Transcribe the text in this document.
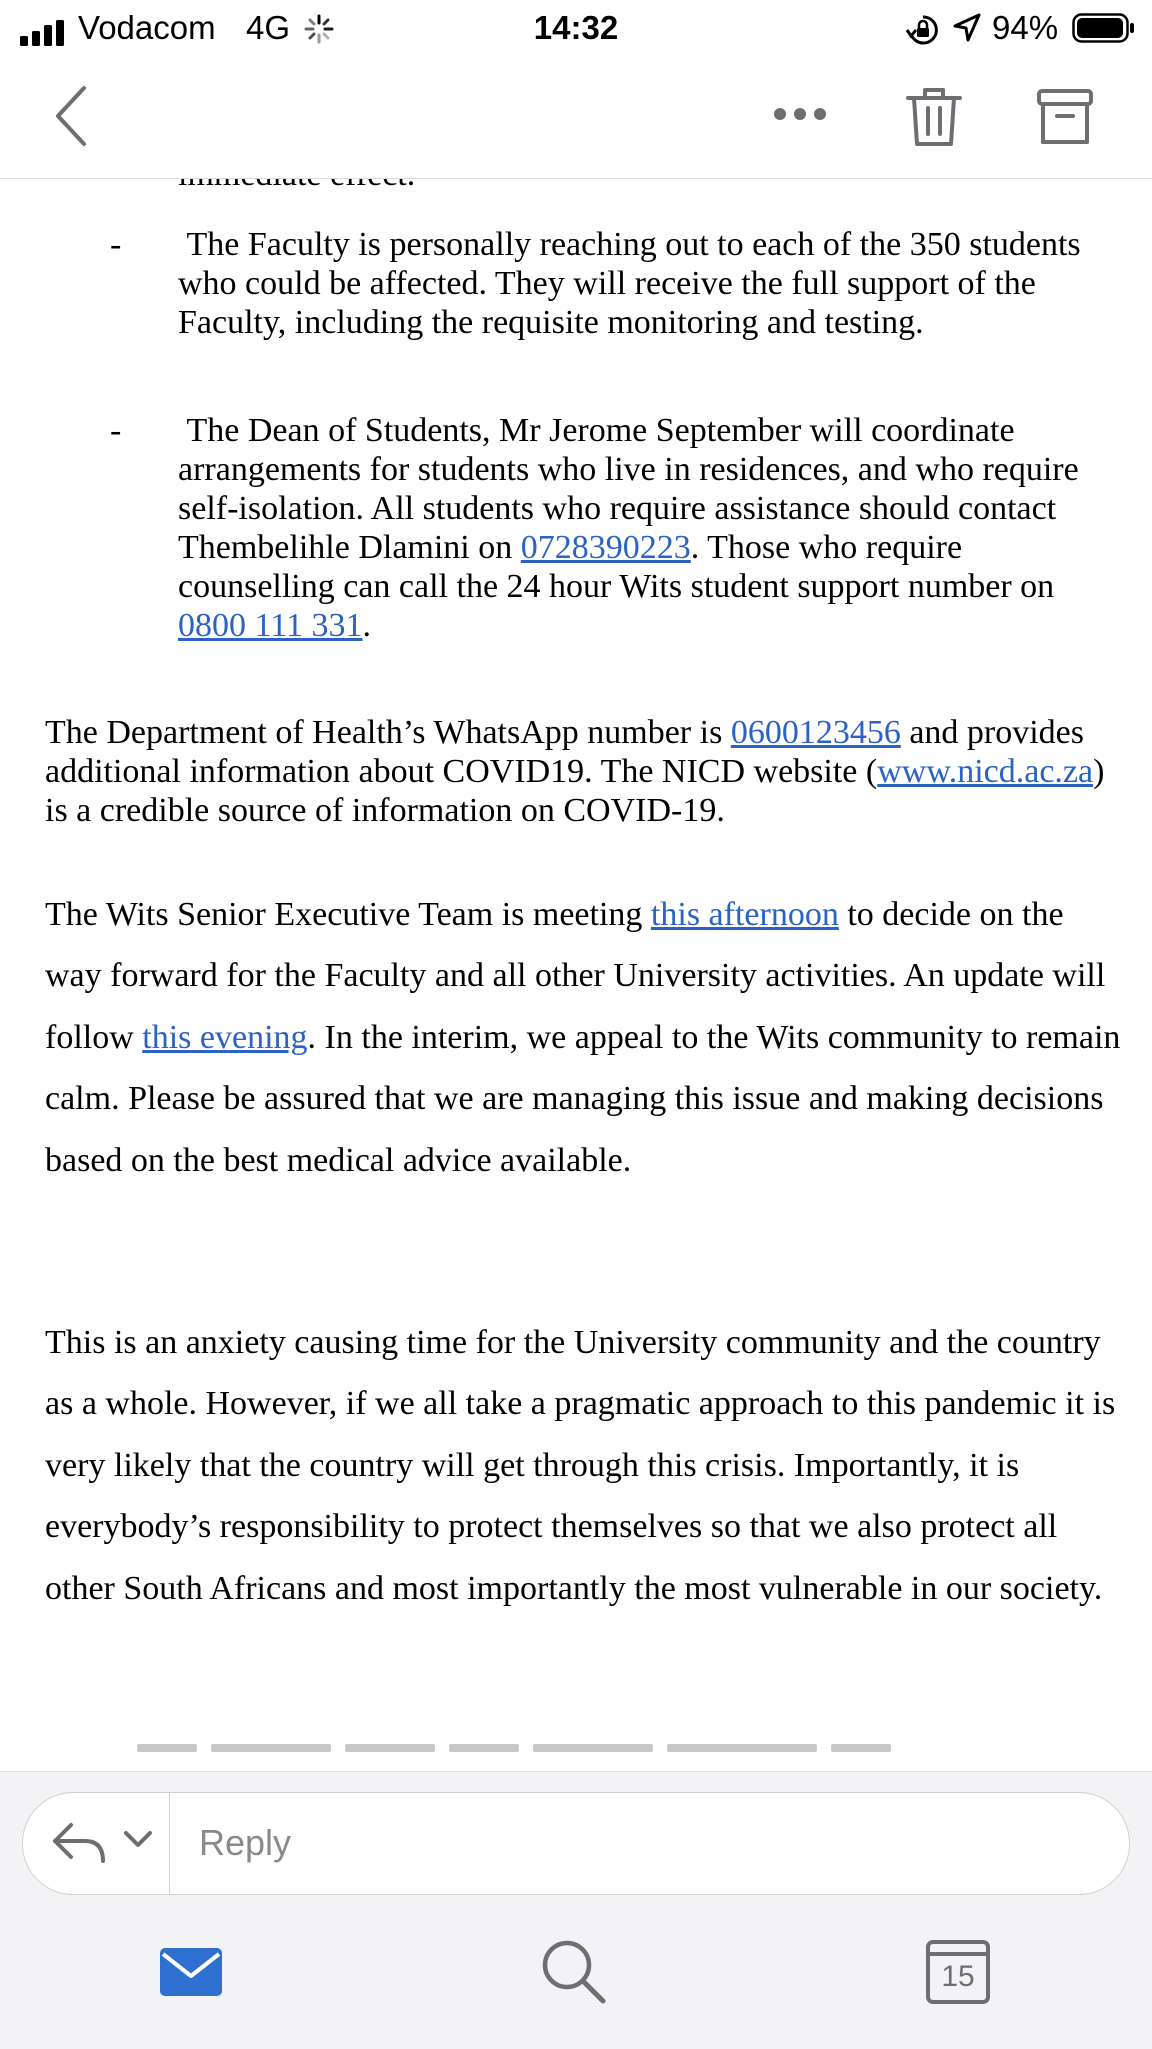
Vodacom 4G	14:32	94%
-	The Faculty is personally reaching out to each of the 350 students who could be affected. They will receive the full support of the Faculty, including the requisite monitoring and testing.
-	The Dean of Students, Mr Jerome September will coordinate arrangements for students who live in residences, and who require self-isolation. All students who require assistance should contact Thembelihle Dlamini on 0728390223. Those who require counselling can call the 24 hour Wits student support number on 0800 111 331.
The Department of Health’s WhatsApp number is 0600123456 and provides additional information about COVID19. The NICD website (www.nicd.ac.za) is a credible source of information on COVID-19.
The Wits Senior Executive Team is meeting this afternoon to decide on the way forward for the Faculty and all other University activities. An update will follow this evening. In the interim, we appeal to the Wits community to remain calm. Please be assured that we are managing this issue and making decisions based on the best medical advice available.
This is an anxiety causing time for the University community and the country as a whole. However, if we all take a pragmatic approach to this pandemic it is very likely that the country will get through this crisis. Importantly, it is everybody’s responsibility to protect themselves so that we also protect all other South Africans and most importantly the most vulnerable in our society.
Reply
15
